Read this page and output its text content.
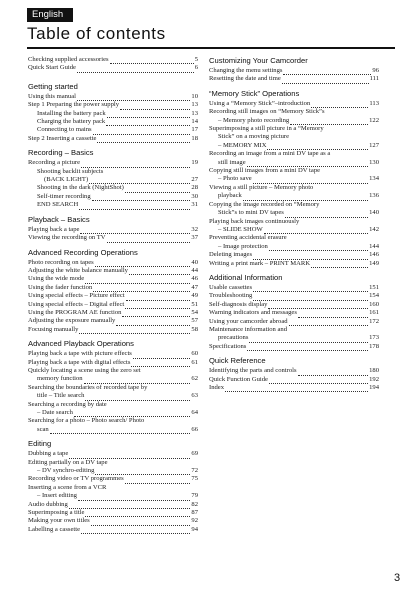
English
Table of contents
Checking supplied accessories	5
Quick Start Guide	6
Getting started
Using this manual	10
Step 1 Preparing the power supply	13
Installing the battery pack	13
Charging the battery pack	14
Connecting to mains	17
Step 2 Inserting a cassette	18
Recording – Basics
Recording a picture	19
Shooting backlit subjects
(BACK LIGHT)	27
Shooting in the dark (NightShot)	28
Self-timer recording	30
END SEARCH	31
Playback – Basics
Playing back a tape	32
Viewing the recording on TV	37
Advanced Recording Operations
Photo recording on tapes	40
Adjusting the white balance manually	44
Using the wide mode	46
Using the fader function	47
Using special effects – Picture effect	49
Using special effects – Digital effect	51
Using the PROGRAM AE function	54
Adjusting the exposure manually	57
Focusing manually	58
Advanced Playback Operations
Playing back a tape with picture effects	60
Playing back a tape with digital effects	61
Quickly locating a scene using the zero set
memory function	62
Searching the boundaries of recorded tape by
title – Title search	63
Searching a recording by date
– Date search	64
Searching for a photo – Photo search/ Photo
scan	66
Editing
Dubbing a tape	69
Editing partially on a DV tape
– DV synchro-editing	72
Recording video or TV programmes	75
Inserting a scene from a VCR
– Insert editing	79
Audio dubbing	82
Superimposing a title	87
Making your own titles	92
Labelling a cassette	94
Customizing Your Camcorder
Changing the menu settings	96
Resetting the date and time	111
“Memory Stick” Operations
Using a “Memory Stick”–introduction	113
Recording still images on “Memory Stick”s
– Memory photo recording	122
Superimposing a still picture in a “Memory
Stick” on a moving picture
– MEMORY MIX	127
Recording an image from a mini DV tape as a
still image	130
Copying still images from a mini DV tape
– Photo save	134
Viewing a still picture – Memory photo
playback	136
Copying the image recorded on “Memory
Stick”s to mini DV tapes	140
Playing back images continuously
– SLIDE SHOW	142
Preventing accidental erasure
– Image protection	144
Deleting images	146
Writing a print mark – PRINT MARK	149
Additional Information
Usable cassettes	151
Troubleshooting	154
Self-diagnosis display	160
Warning indicators and messages	161
Using your camcorder abroad	172
Maintenance information and
precautions	173
Specifications	178
Quick Reference
Identifying the parts and controls	180
Quick Function Guide	192
Index	194
3
